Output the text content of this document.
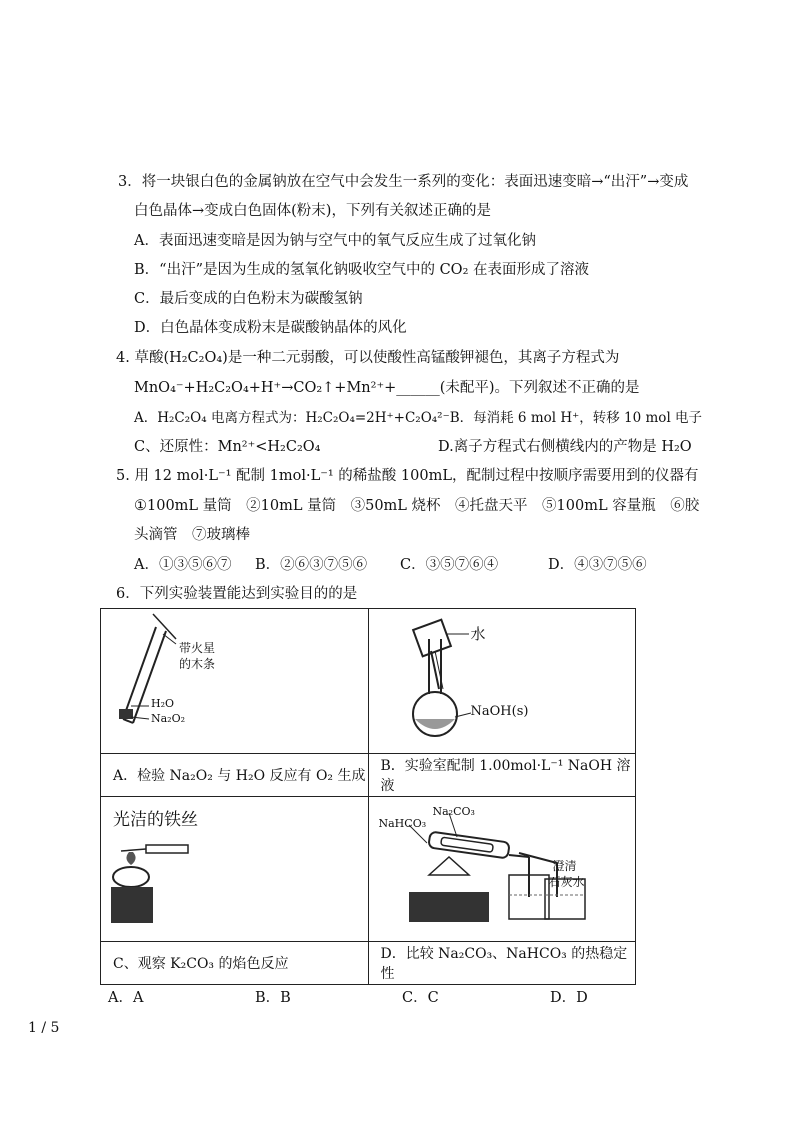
3．将一块银白色的金属钠放在空气中会发生一系列的变化：表面迅速变暗→“出汗”→变成
白色晶体→变成白色固体(粉末)，下列有关叙述正确的是
A．表面迅速变暗是因为钠与空气中的氧气反应生成了过氧化钠
B．“出汗”是因为生成的氢氧化钠吸收空气中的 CO₂ 在表面形成了溶液
C．最后变成的白色粉末为碳酸氢钠
D．白色晶体变成粉末是碳酸钠晶体的风化
4. 草酸(H₂C₂O₄)是一种二元弱酸，可以使酸性高锰酸钾褪色，其离子方程式为
MnO₄⁻+H₂C₂O₄+H⁺→CO₂↑+Mn²⁺+______(未配平)。下列叙述不正确的是
A．H₂C₂O₄ 电离方程式为：H₂C₂O₄=2H⁺+C₂O₄²⁻B．每消耗 6 mol H⁺，转移 10 mol 电子
C、还原性：Mn²⁺<H₂C₂O₄	D.离子方程式右侧横线内的产物是 H₂O
5. 用 12 mol·L⁻¹ 配制 1mol·L⁻¹ 的稀盐酸 100mL，配制过程中按顺序需要用到的仪器有
①100mL 量筒　②10mL 量筒　③50mL 烧杯　④托盘天平　⑤100mL 容量瓶　⑥胶
头滴管　⑦玻璃棒
A．①③⑤⑥⑦ B．②⑥③⑦⑤⑥ C．③⑤⑦⑥④	D．④③⑦⑤⑥
6．下列实验装置能达到实验目的的是
带火星
的木条
H₂O
Na₂O₂	水
NaOH(s)

A．检验 Na₂O₂ 与 H₂O 反应有 O₂ 生成	B．实验室配制 1.00mol·L⁻¹ NaOH 溶液

光洁的铁丝	NaHCO₃
Na₂CO₃
澄清
石灰水

C、观察 K₂CO₃ 的焰色反应	D．比较 Na₂CO₃、NaHCO₃ 的热稳定性
A．A	B．B	C．C	D．D
1 / 5
